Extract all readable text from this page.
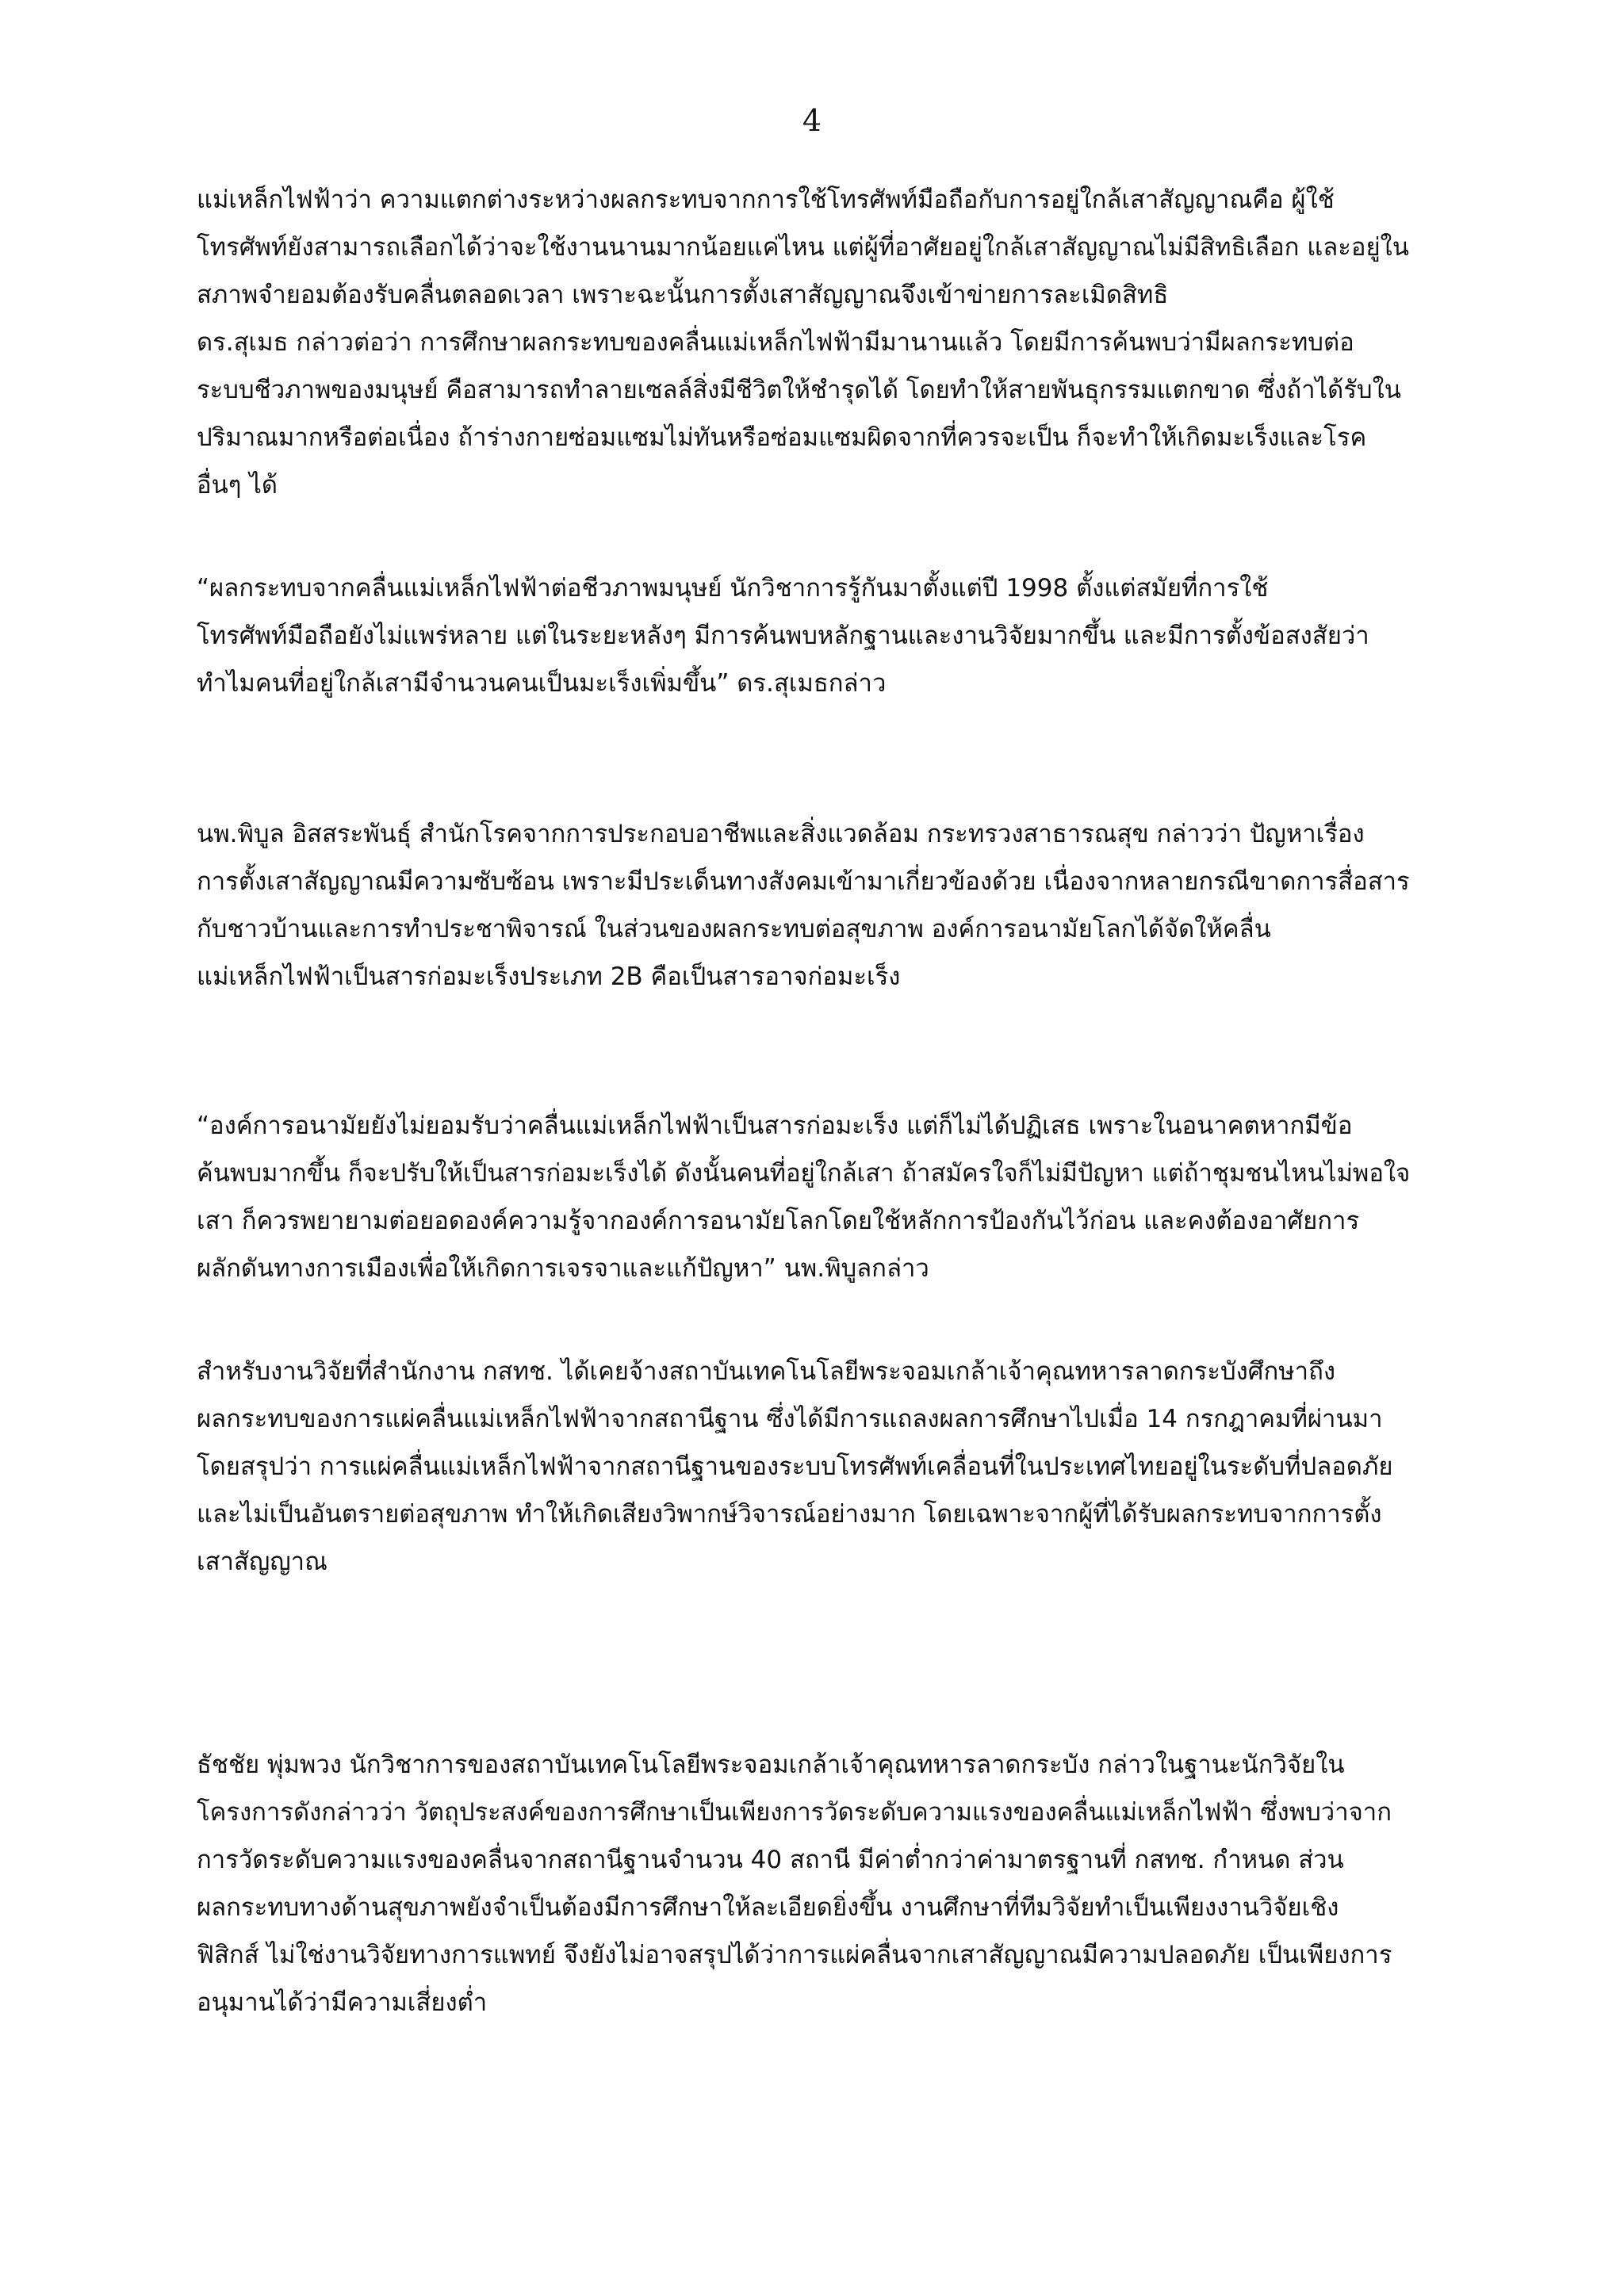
4

แม่เหล็กไฟฟ้าว่า ความแตกต่างระหว่างผลกระทบจากการใช้โทรศัพท์มือถือกับการอยู่ใกล้เสาสัญญาณคือ ผู้ใช้
โทรศัพท์ยังสามารถเลือกได้ว่าจะใช้งานนานมากน้อยแค่ไหน แต่ผู้ที่อาศัยอยู่ใกล้เสาสัญญาณไม่มีสิทธิเลือก และอยู่ใน
สภาพจำยอมต้องรับคลื่นตลอดเวลา เพราะฉะนั้นการตั้งเสาสัญญาณจึงเข้าข่ายการละเมิดสิทธิ
ดร.สุเมธ กล่าวต่อว่า การศึกษาผลกระทบของคลื่นแม่เหล็กไฟฟ้ามีมานานแล้ว โดยมีการค้นพบว่ามีผลกระทบต่อ
ระบบชีวภาพของมนุษย์ คือสามารถทำลายเซลล์สิ่งมีชีวิตให้ชำรุดได้ โดยทำให้สายพันธุกรรมแตกขาด ซึ่งถ้าได้รับใน
ปริมาณมากหรือต่อเนื่อง ถ้าร่างกายซ่อมแซมไม่ทันหรือซ่อมแซมผิดจากที่ควรจะเป็น ก็จะทำให้เกิดมะเร็งและโรค
อื่นๆ ได้

“ผลกระทบจากคลื่นแม่เหล็กไฟฟ้าต่อชีวภาพมนุษย์ นักวิชาการรู้กันมาตั้งแต่ปี 1998 ตั้งแต่สมัยที่การใช้
โทรศัพท์มือถือยังไม่แพร่หลาย แต่ในระยะหลังๆ มีการค้นพบหลักฐานและงานวิจัยมากขึ้น และมีการตั้งข้อสงสัยว่า
ทำไมคนที่อยู่ใกล้เสามีจำนวนคนเป็นมะเร็งเพิ่มขึ้น” ดร.สุเมธกล่าว

นพ.พิบูล อิสสระพันธุ์ สำนักโรคจากการประกอบอาชีพและสิ่งแวดล้อม กระทรวงสาธารณสุข กล่าวว่า ปัญหาเรื่อง
การตั้งเสาสัญญาณมีความซับซ้อน เพราะมีประเด็นทางสังคมเข้ามาเกี่ยวข้องด้วย เนื่องจากหลายกรณีขาดการสื่อสาร
กับชาวบ้านและการทำประชาพิจารณ์ ในส่วนของผลกระทบต่อสุขภาพ องค์การอนามัยโลกได้จัดให้คลื่น
แม่เหล็กไฟฟ้าเป็นสารก่อมะเร็งประเภท 2B คือเป็นสารอาจก่อมะเร็ง

“องค์การอนามัยยังไม่ยอมรับว่าคลื่นแม่เหล็กไฟฟ้าเป็นสารก่อมะเร็ง แต่ก็ไม่ได้ปฏิเสธ เพราะในอนาคตหากมีข้อ
ค้นพบมากขึ้น ก็จะปรับให้เป็นสารก่อมะเร็งได้ ดังนั้นคนที่อยู่ใกล้เสา ถ้าสมัครใจก็ไม่มีปัญหา แต่ถ้าชุมชนไหนไม่พอใจ
เสา ก็ควรพยายามต่อยอดองค์ความรู้จากองค์การอนามัยโลกโดยใช้หลักการป้องกันไว้ก่อน และคงต้องอาศัยการ
ผลักดันทางการเมืองเพื่อให้เกิดการเจรจาและแก้ปัญหา” นพ.พิบูลกล่าว

สำหรับงานวิจัยที่สำนักงาน กสทช. ได้เคยจ้างสถาบันเทคโนโลยีพระจอมเกล้าเจ้าคุณทหารลาดกระบังศึกษาถึง
ผลกระทบของการแผ่คลื่นแม่เหล็กไฟฟ้าจากสถานีฐาน ซึ่งได้มีการแถลงผลการศึกษาไปเมื่อ 14 กรกฎาคมที่ผ่านมา
โดยสรุปว่า การแผ่คลื่นแม่เหล็กไฟฟ้าจากสถานีฐานของระบบโทรศัพท์เคลื่อนที่ในประเทศไทยอยู่ในระดับที่ปลอดภัย
และไม่เป็นอันตรายต่อสุขภาพ ทำให้เกิดเสียงวิพากษ์วิจารณ์อย่างมาก โดยเฉพาะจากผู้ที่ได้รับผลกระทบจากการตั้ง
เสาสัญญาณ

ธัชชัย พุ่มพวง นักวิชาการของสถาบันเทคโนโลยีพระจอมเกล้าเจ้าคุณทหารลาดกระบัง กล่าวในฐานะนักวิจัยใน
โครงการดังกล่าวว่า วัตถุประสงค์ของการศึกษาเป็นเพียงการวัดระดับความแรงของคลื่นแม่เหล็กไฟฟ้า ซึ่งพบว่าจาก
การวัดระดับความแรงของคลื่นจากสถานีฐานจำนวน 40 สถานี มีค่าต่ำกว่าค่ามาตรฐานที่ กสทช. กำหนด ส่วน
ผลกระทบทางด้านสุขภาพยังจำเป็นต้องมีการศึกษาให้ละเอียดยิ่งขึ้น งานศึกษาที่ทีมวิจัยทำเป็นเพียงงานวิจัยเชิง
ฟิสิกส์ ไม่ใช่งานวิจัยทางการแพทย์ จึงยังไม่อาจสรุปได้ว่าการแผ่คลื่นจากเสาสัญญาณมีความปลอดภัย เป็นเพียงการ
อนุมานได้ว่ามีความเสี่ยงต่ำ
